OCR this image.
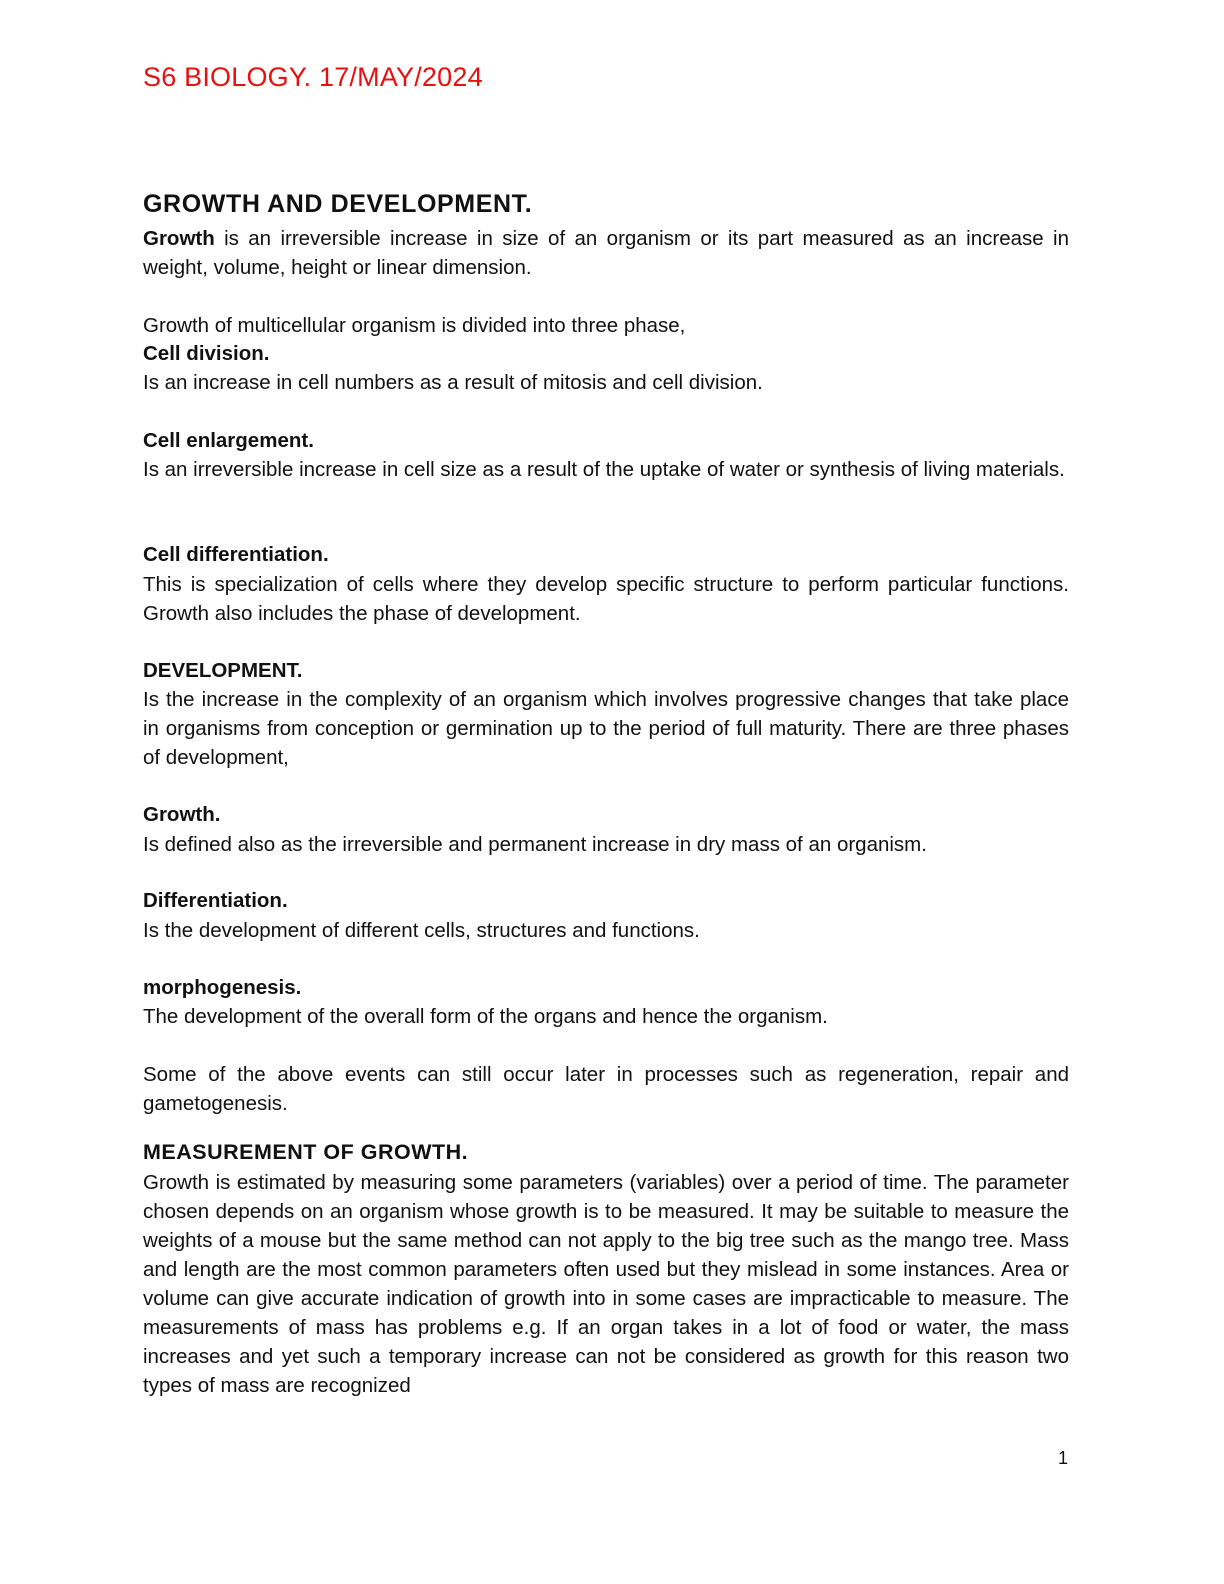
S6 BIOLOGY. 17/MAY/2024
GROWTH AND DEVELOPMENT.
Growth is an irreversible increase in size of an organism or its part measured as an increase in weight, volume, height or linear dimension.
Growth of multicellular organism is divided into three phase,
Cell division.
Is an increase in cell numbers as a result of mitosis and cell division.
Cell enlargement.
Is an irreversible increase in cell size as a result of the uptake of water or synthesis of living materials.
Cell differentiation.
This is specialization of cells where they develop specific structure to perform particular functions. Growth also includes the phase of development.
DEVELOPMENT.
Is the increase in the complexity of an organism which involves progressive changes that take place in organisms from conception or germination up to the period of full maturity. There are three phases of development,
Growth.
Is defined also as the irreversible and permanent increase in dry mass of an organism.
Differentiation.
Is the development of different cells, structures and functions.
morphogenesis.
The development of the overall form of the organs and hence the organism.
Some of the above events can still occur later in processes such as regeneration, repair and gametogenesis.
MEASUREMENT OF GROWTH.
Growth is estimated by measuring some parameters (variables) over a period of time. The parameter chosen depends on an organism whose growth is to be measured. It may be suitable to measure the weights of a mouse but the same method can not apply to the big tree such as the mango tree. Mass and length are the most common parameters often used but they mislead in some instances. Area or volume can give accurate indication of growth into in some cases are impracticable to measure. The measurements of mass has problems e.g. If an organ takes in a lot of food or water, the mass increases and yet such a temporary increase can not be considered as growth for this reason two types of mass are recognized
1
